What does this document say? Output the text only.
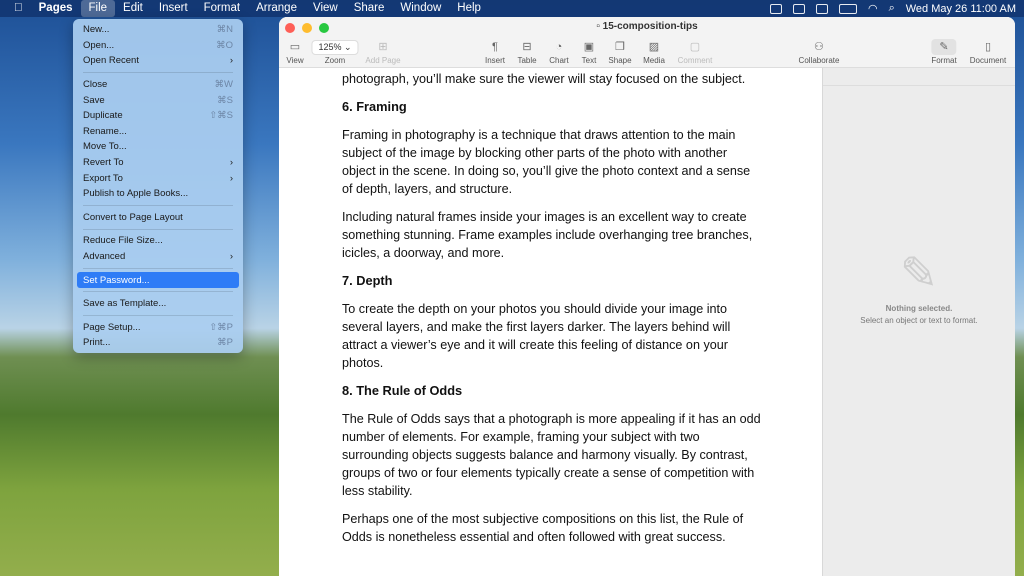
Pages	File	Edit	Insert	Format	Arrange	View	Share	Window	Help	◠ ⌕ Wed May 26 11:00 AM
New...	⌘N
Open...	⌘O
Open Recent	›
Close	⌘W
Save	⌘S
Duplicate	⇧⌘S
Rename...
Move To...
Revert To	›
Export To	›
Publish to Apple Books...
Convert to Page Layout
Reduce File Size...
Advanced	›
Set Password...
Save as Template...
Page Setup...	⇧⌘P
Print...	⌘P
▫ 15-composition-tips
▭
View
125% ⌄
Zoom
⊞
Add Page
¶
Insert
⊟
Table
◔
Chart
▣
Text
❐
Shape
▨
Media
▢
Comment
⚇
Collaborate
✎
Format
▯
Document

photograph, you’ll make sure the viewer will stay focused on the subject.

6. Framing

Framing in photography is a technique that draws attention to the main subject of the image by blocking other parts of the photo with another object in the scene. In doing so, you’ll give the photo context and a sense of depth, layers, and structure.

Including natural frames inside your images is an excellent way to create something stunning. Frame examples include overhanging tree branches, icicles, a doorway, and more.

7. Depth

To create the depth on your photos you should divide your image into several layers, and make the first layers darker. The layers behind will attract a viewer’s eye and it will create this feeling of distance on your photos.

8. The Rule of Odds

The Rule of Odds says that a photograph is more appealing if it has an odd number of elements. For example, framing your subject with two surrounding objects suggests balance and harmony visually. By contrast, groups of two or four elements typically create a sense of competition with less stability.

Perhaps one of the most subjective compositions on this list, the Rule of Odds is nonetheless essential and often followed with great success.

✎
Nothing selected.
Select an object or text to format.
